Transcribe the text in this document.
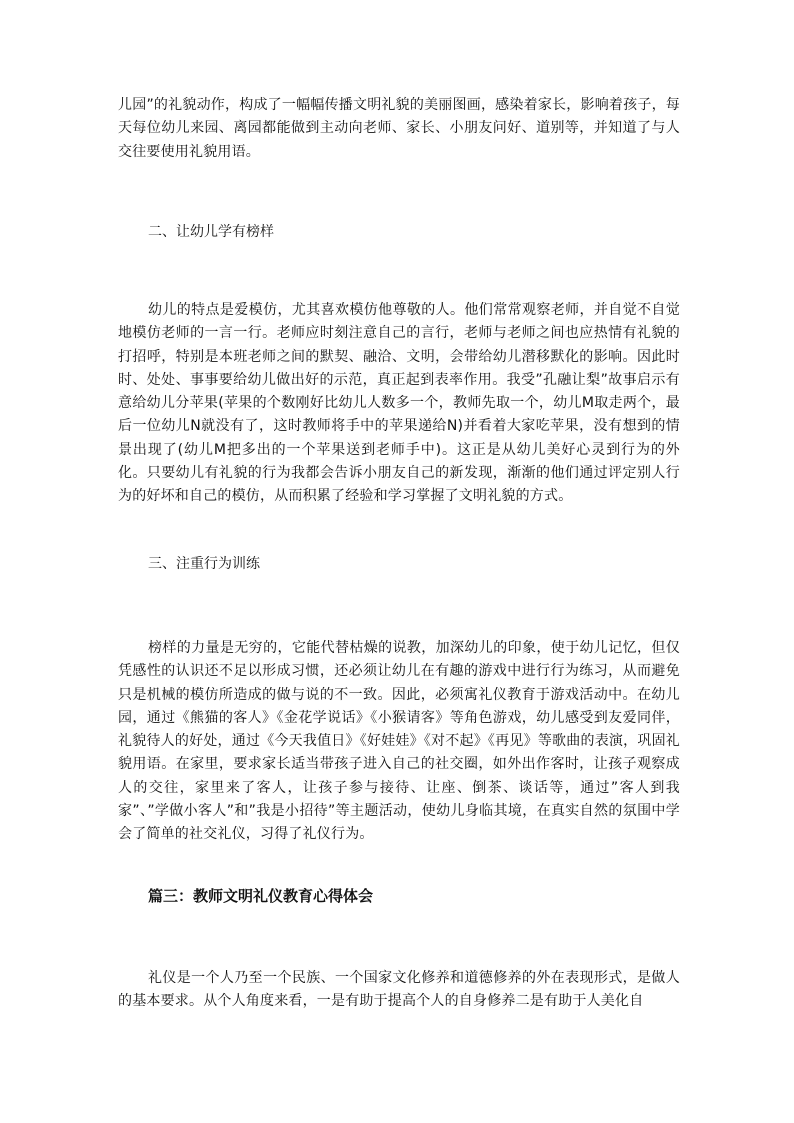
儿园”的礼貌动作，构成了一幅幅传播文明礼貌的美丽图画，感染着家长，影响着孩子，每天每位幼儿来园、离园都能做到主动向老师、家长、小朋友问好、道别等，并知道了与人交往要使用礼貌用语。

二、让幼儿学有榜样

幼儿的特点是爱模仿，尤其喜欢模仿他尊敬的人。他们常常观察老师，并自觉不自觉地模仿老师的一言一行。老师应时刻注意自己的言行，老师与老师之间也应热情有礼貌的打招呼，特别是本班老师之间的默契、融洽、文明，会带给幼儿潜移默化的影响。因此时时、处处、事事要给幼儿做出好的示范，真正起到表率作用。我受”孔融让梨”故事启示有意给幼儿分苹果(苹果的个数刚好比幼儿人数多一个，教师先取一个，幼儿M取走两个，最后一位幼儿N就没有了，这时教师将手中的苹果递给N)并看着大家吃苹果，没有想到的情景出现了(幼儿M把多出的一个苹果送到老师手中)。这正是从幼儿美好心灵到行为的外化。只要幼儿有礼貌的行为我都会告诉小朋友自己的新发现，渐渐的他们通过评定别人行为的好坏和自己的模仿，从而积累了经验和学习掌握了文明礼貌的方式。

三、注重行为训练

榜样的力量是无穷的，它能代替枯燥的说教，加深幼儿的印象，使于幼儿记忆，但仅凭感性的认识还不足以形成习惯，还必须让幼儿在有趣的游戏中进行行为练习，从而避免只是机械的模仿所造成的做与说的不一致。因此，必须寓礼仪教育于游戏活动中。在幼儿园，通过《熊猫的客人》《金花学说话》《小猴请客》等角色游戏，幼儿感受到友爱同伴，礼貌待人的好处，通过《今天我值日》《好娃娃》《对不起》《再见》等歌曲的表演，巩固礼貌用语。在家里，要求家长适当带孩子进入自己的社交圈，如外出作客时，让孩子观察成人的交往，家里来了客人，让孩子参与接待、让座、倒茶、谈话等，通过”客人到我家”、”学做小客人”和”我是小招待”等主题活动，使幼儿身临其境，在真实自然的氛围中学会了简单的社交礼仪，习得了礼仪行为。

篇三：教师文明礼仪教育心得体会

礼仪是一个人乃至一个民族、一个国家文化修养和道德修养的外在表现形式，是做人的基本要求。从个人角度来看，一是有助于提高个人的自身修养二是有助于人美化自
